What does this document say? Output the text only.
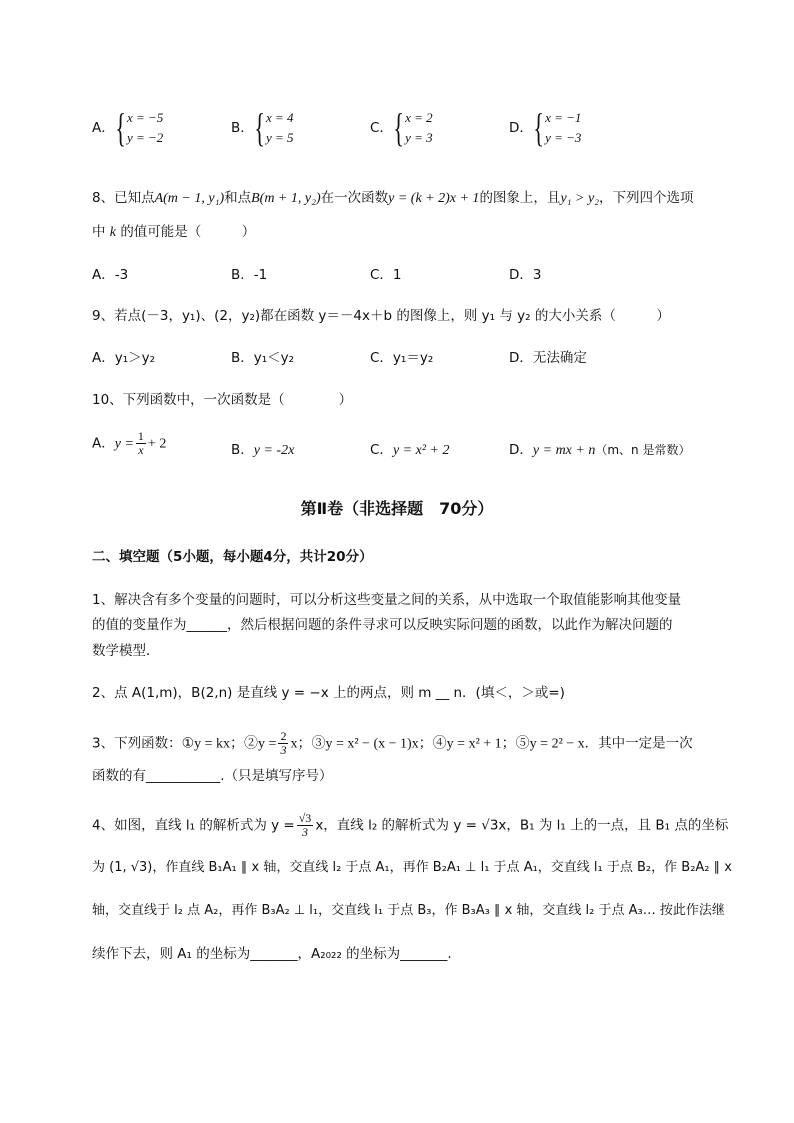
A．{x = −5
y = −2
B．{x = 4
y = 5
C．{x = 2
y = 3
D．{x = −1
y = −3
8、已知点A(m − 1, y₁)和点B(m + 1, y₂)在一次函数y = (k + 2)x + 1的图象上，且y₁ > y₂，下列四个选项
中 k 的值可能是（　　　）
A．-3	B．-1	C．1	D．3
9、若点(－3，y₁)、(2，y₂)都在函数 y＝－4x＋b 的图像上，则 y₁ 与 y₂ 的大小关系（　　　）
A．y₁＞y₂	B．y₁＜y₂	C．y₁＝y₂	D．无法确定
10、下列函数中，一次函数是（　　　　）
A．$y = \frac{1}{x} + 2$	B．y = -2x	C．y = x² + 2	D．y = mx + n（m、n 是常数）
第Ⅱ卷（非选择题　70分）
二、填空题（5小题，每小题4分，共计20分）
1、解决含有多个变量的问题时，可以分析这些变量之间的关系，从中选取一个取值能影响其他变量
的值的变量作为______，然后根据问题的条件寻求可以反映实际问题的函数，以此作为解决问题的
数学模型．
2、点 A(1,m)，B(2,n) 是直线 y = −x 上的两点，则 m __ n．(填＜，＞或=)
3、下列函数：①y = kx；②y = $\frac{2}{3}$ x；③y = x² − (x − 1)x；④y = x² + 1；⑤y = 2² − x．其中一定是一次
函数的有___________.（只是填写序号）
4、如图，直线 l₁ 的解析式为 $y = \frac{√3}{3}$ x，直线 l₂ 的解析式为 y = √3x，B₁ 为 l₁ 上的一点，且 B₁ 点的坐标
为 (1, √3)，作直线 B₁A₁ ∥ x 轴，交直线 l₂ 于点 A₁，再作 B₂A₁ ⊥ l₁ 于点 A₁，交直线 l₁ 于点 B₂，作 B₂A₂ ∥ x
轴，交直线于 l₂ 点 A₂，再作 B₃A₂ ⊥ l₁，交直线 l₁ 于点 B₃，作 B₃A₃ ∥ x 轴，交直线 l₂ 于点 A₃… 按此作法继
续作下去，则 A₁ 的坐标为_______，A₂₀₂₂ 的坐标为_______.
